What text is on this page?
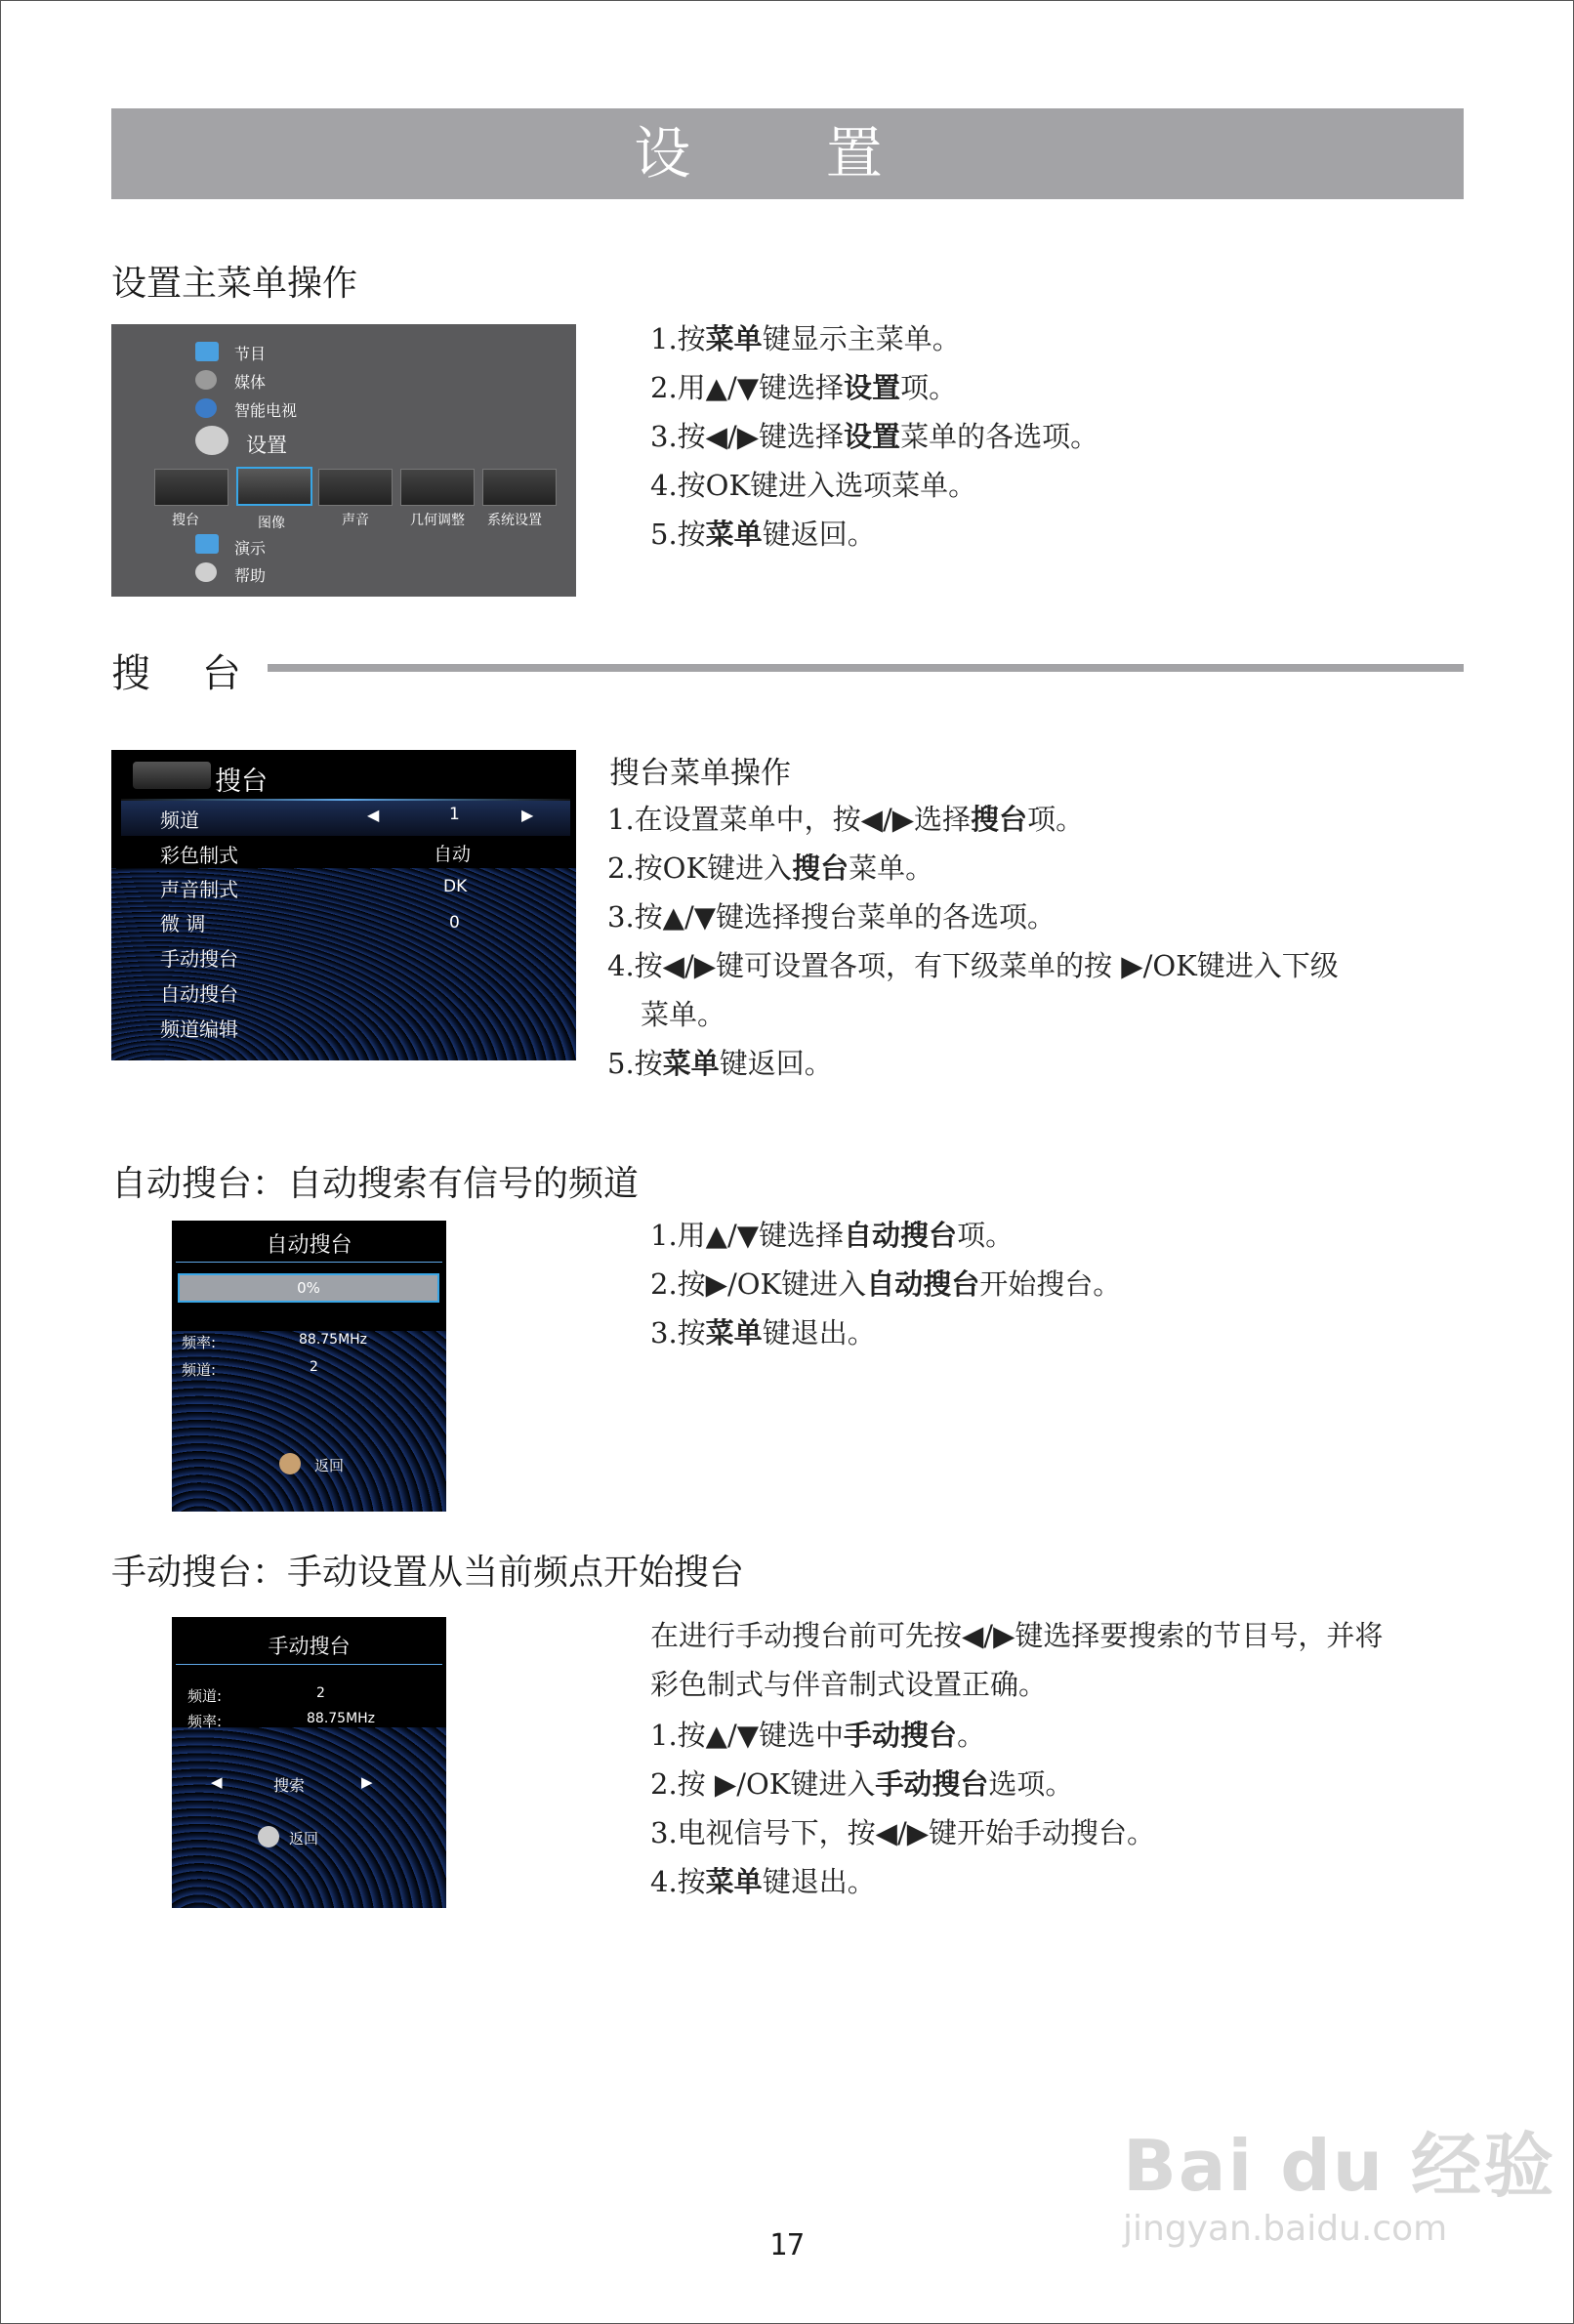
设 置
设置主菜单操作
节目
媒体
智能电视
设置
搜台	图像	声音	几何调整 系统设置
演示
帮助
1.按菜单键显示主菜单。
2.用▲/▼键选择设置项。
3.按◀/▶键选择设置菜单的各选项。
4.按OK键进入选项菜单。
5.按菜单键返回。
搜 台
搜台
频道	◀	1	▶
彩色制式	自动
声音制式	DK
微 调	0
手动搜台
自动搜台
频道编辑
搜台菜单操作
1.在设置菜单中，按◀/▶选择搜台项。
2.按OK键进入搜台菜单。
3.按▲/▼键选择搜台菜单的各选项。
4.按◀/▶键可设置各项，有下级菜单的按 ▶/OK键进入下级
菜单。
5.按菜单键返回。
自动搜台：自动搜索有信号的频道
自动搜台
0%
频率:	88.75MHz
频道:	2
返回
1.用▲/▼键选择自动搜台项。
2.按▶/OK键进入自动搜台开始搜台。
3.按菜单键退出。
手动搜台：手动设置从当前频点开始搜台
手动搜台
频道:	2
频率:	88.75MHz
◀	搜索	▶
返回
在进行手动搜台前可先按◀/▶键选择要搜索的节目号，并将
彩色制式与伴音制式设置正确。
1.按▲/▼键选中手动搜台。
2.按 ▶/OK键进入手动搜台选项。
3.电视信号下，按◀/▶键开始手动搜台。
4.按菜单键退出。
Bai du 经验
jingyan.baidu.com
17
